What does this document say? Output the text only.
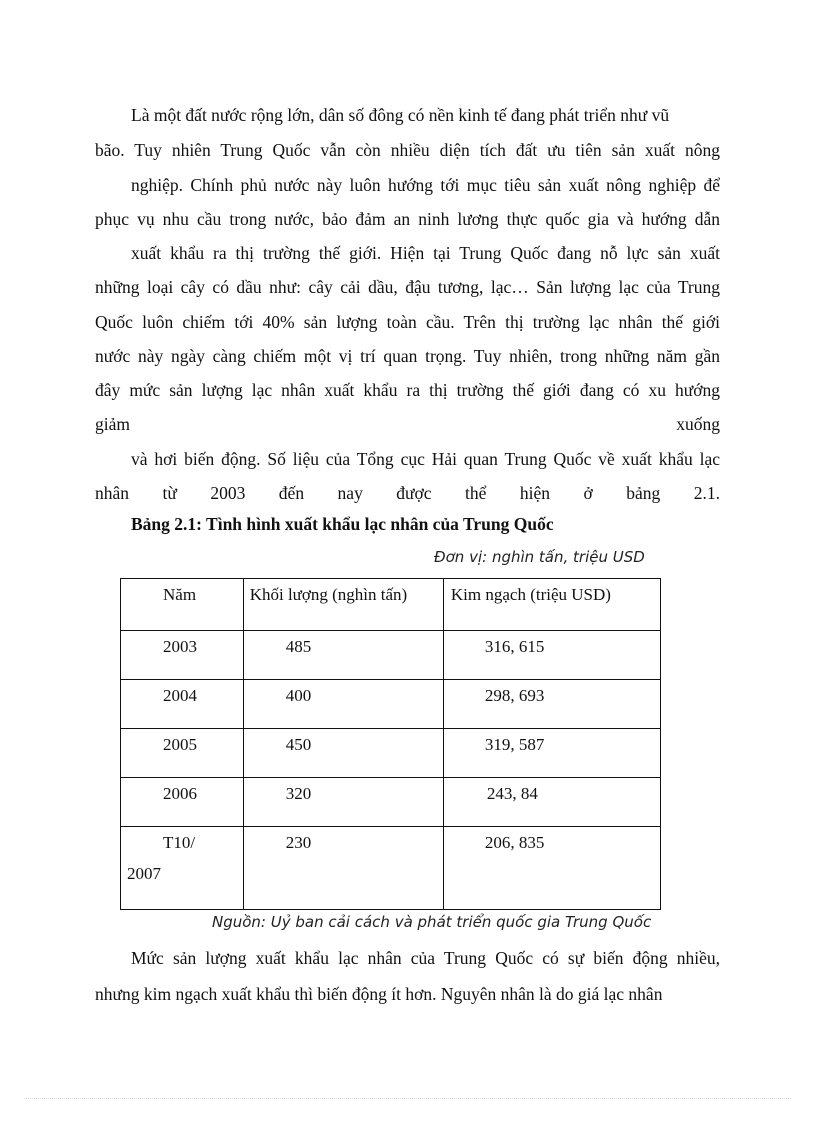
Là một đất nước rộng lớn, dân số đông có nền kinh tế đang phát triển như vũ
bão. Tuy nhiên Trung Quốc vẫn còn nhiều diện tích đất ưu tiên sản xuất nông
nghiệp. Chính phủ nước này luôn hướng tới mục tiêu sản xuất nông nghiệp để
phục vụ nhu cầu trong nước, bảo đảm an ninh lương thực quốc gia và hướng dẫn
xuất khẩu ra thị trường thế giới. Hiện tại Trung Quốc đang nỗ lực sản xuất
những loại cây có dầu như: cây cải dầu, đậu tương, lạc… Sản lượng lạc của Trung
Quốc luôn chiếm tới 40% sản lượng toàn cầu. Trên thị trường lạc nhân thế giới
nước này ngày càng chiếm một vị trí quan trọng. Tuy nhiên, trong những năm gần
đây mức sản lượng lạc nhân xuất khẩu ra thị trường thế giới đang có xu hướng
giảm xuống
và hơi biến động. Số liệu của Tổng cục Hải quan Trung Quốc về xuất khẩu lạc
nhân từ 2003 đến nay được thể hiện ở bảng 2.1.
Bảng 2.1: Tình hình xuất khẩu lạc nhân của Trung Quốc
Đơn vị: nghìn tấn, triệu USD
Năm	Khối lượng (nghìn tấn)	Kim ngạch (triệu USD)

2003	485	316, 615

2004	400	298, 693

2005	450	319, 587

2006	320	243, 84

T10/
2007	230	206, 835
Nguồn: Uỷ ban cải cách và phát triển quốc gia Trung Quốc
Mức sản lượng xuất khẩu lạc nhân của Trung Quốc có sự biến động nhiều,
nhưng kim ngạch xuất khẩu thì biến động ít hơn. Nguyên nhân là do giá lạc nhân
